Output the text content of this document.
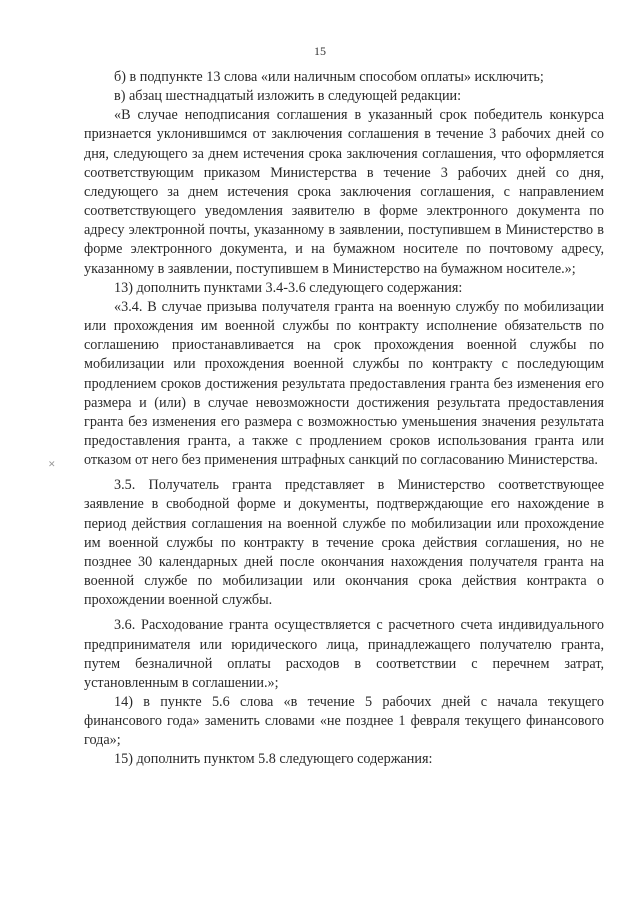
15
✕

б) в подпункте 13 слова «или наличным способом оплаты» исключить;

в) абзац шестнадцатый изложить в следующей редакции:

«В случае неподписания соглашения в указанный срок победитель конкурса признается уклонившимся от заключения соглашения в течение 3 рабочих дней со дня, следующего за днем истечения срока заключения соглашения, что оформляется соответствующим приказом Министерства в течение 3 рабочих дней со дня, следующего за днем истечения срока заключения соглашения, с направлением соответствующего уведомления заявителю в форме электронного документа по адресу электронной почты, указанному в заявлении, поступившем в Министерство в форме электронного документа, и на бумажном носителе по почтовому адресу, указанному в заявлении, поступившем в Министерство на бумажном носителе.»;

13) дополнить пунктами 3.4-3.6 следующего содержания:

«3.4. В случае призыва получателя гранта на военную службу по мобилизации или прохождения им военной службы по контракту исполнение обязательств по соглашению приостанавливается на срок прохождения военной службы по мобилизации или прохождения военной службы по контракту с последующим продлением сроков достижения результата предоставления гранта без изменения его размера и (или) в случае невозможности достижения результата предоставления гранта без изменения его размера с возможностью уменьшения значения результата предоставления гранта, а также с продлением сроков использования гранта или отказом от него без применения штрафных санкций по согласованию Министерства.

3.5. Получатель гранта представляет в Министерство соответствующее заявление в свободной форме и документы, подтверждающие его нахождение в период действия соглашения на военной службе по мобилизации или прохождение им военной службы по контракту в течение срока действия соглашения, но не позднее 30 календарных дней после окончания нахождения получателя гранта на военной службе по мобилизации или окончания срока действия контракта о прохождении военной службы.

3.6. Расходование гранта осуществляется с расчетного счета индивидуального предпринимателя или юридического лица, принадлежащего получателю гранта, путем безналичной оплаты расходов в соответствии с перечнем затрат, установленным в соглашении.»;

14) в пункте 5.6 слова «в течение 5 рабочих дней с начала текущего финансового года» заменить словами «не позднее 1 февраля текущего финансового года»;

15) дополнить пунктом 5.8 следующего содержания:
